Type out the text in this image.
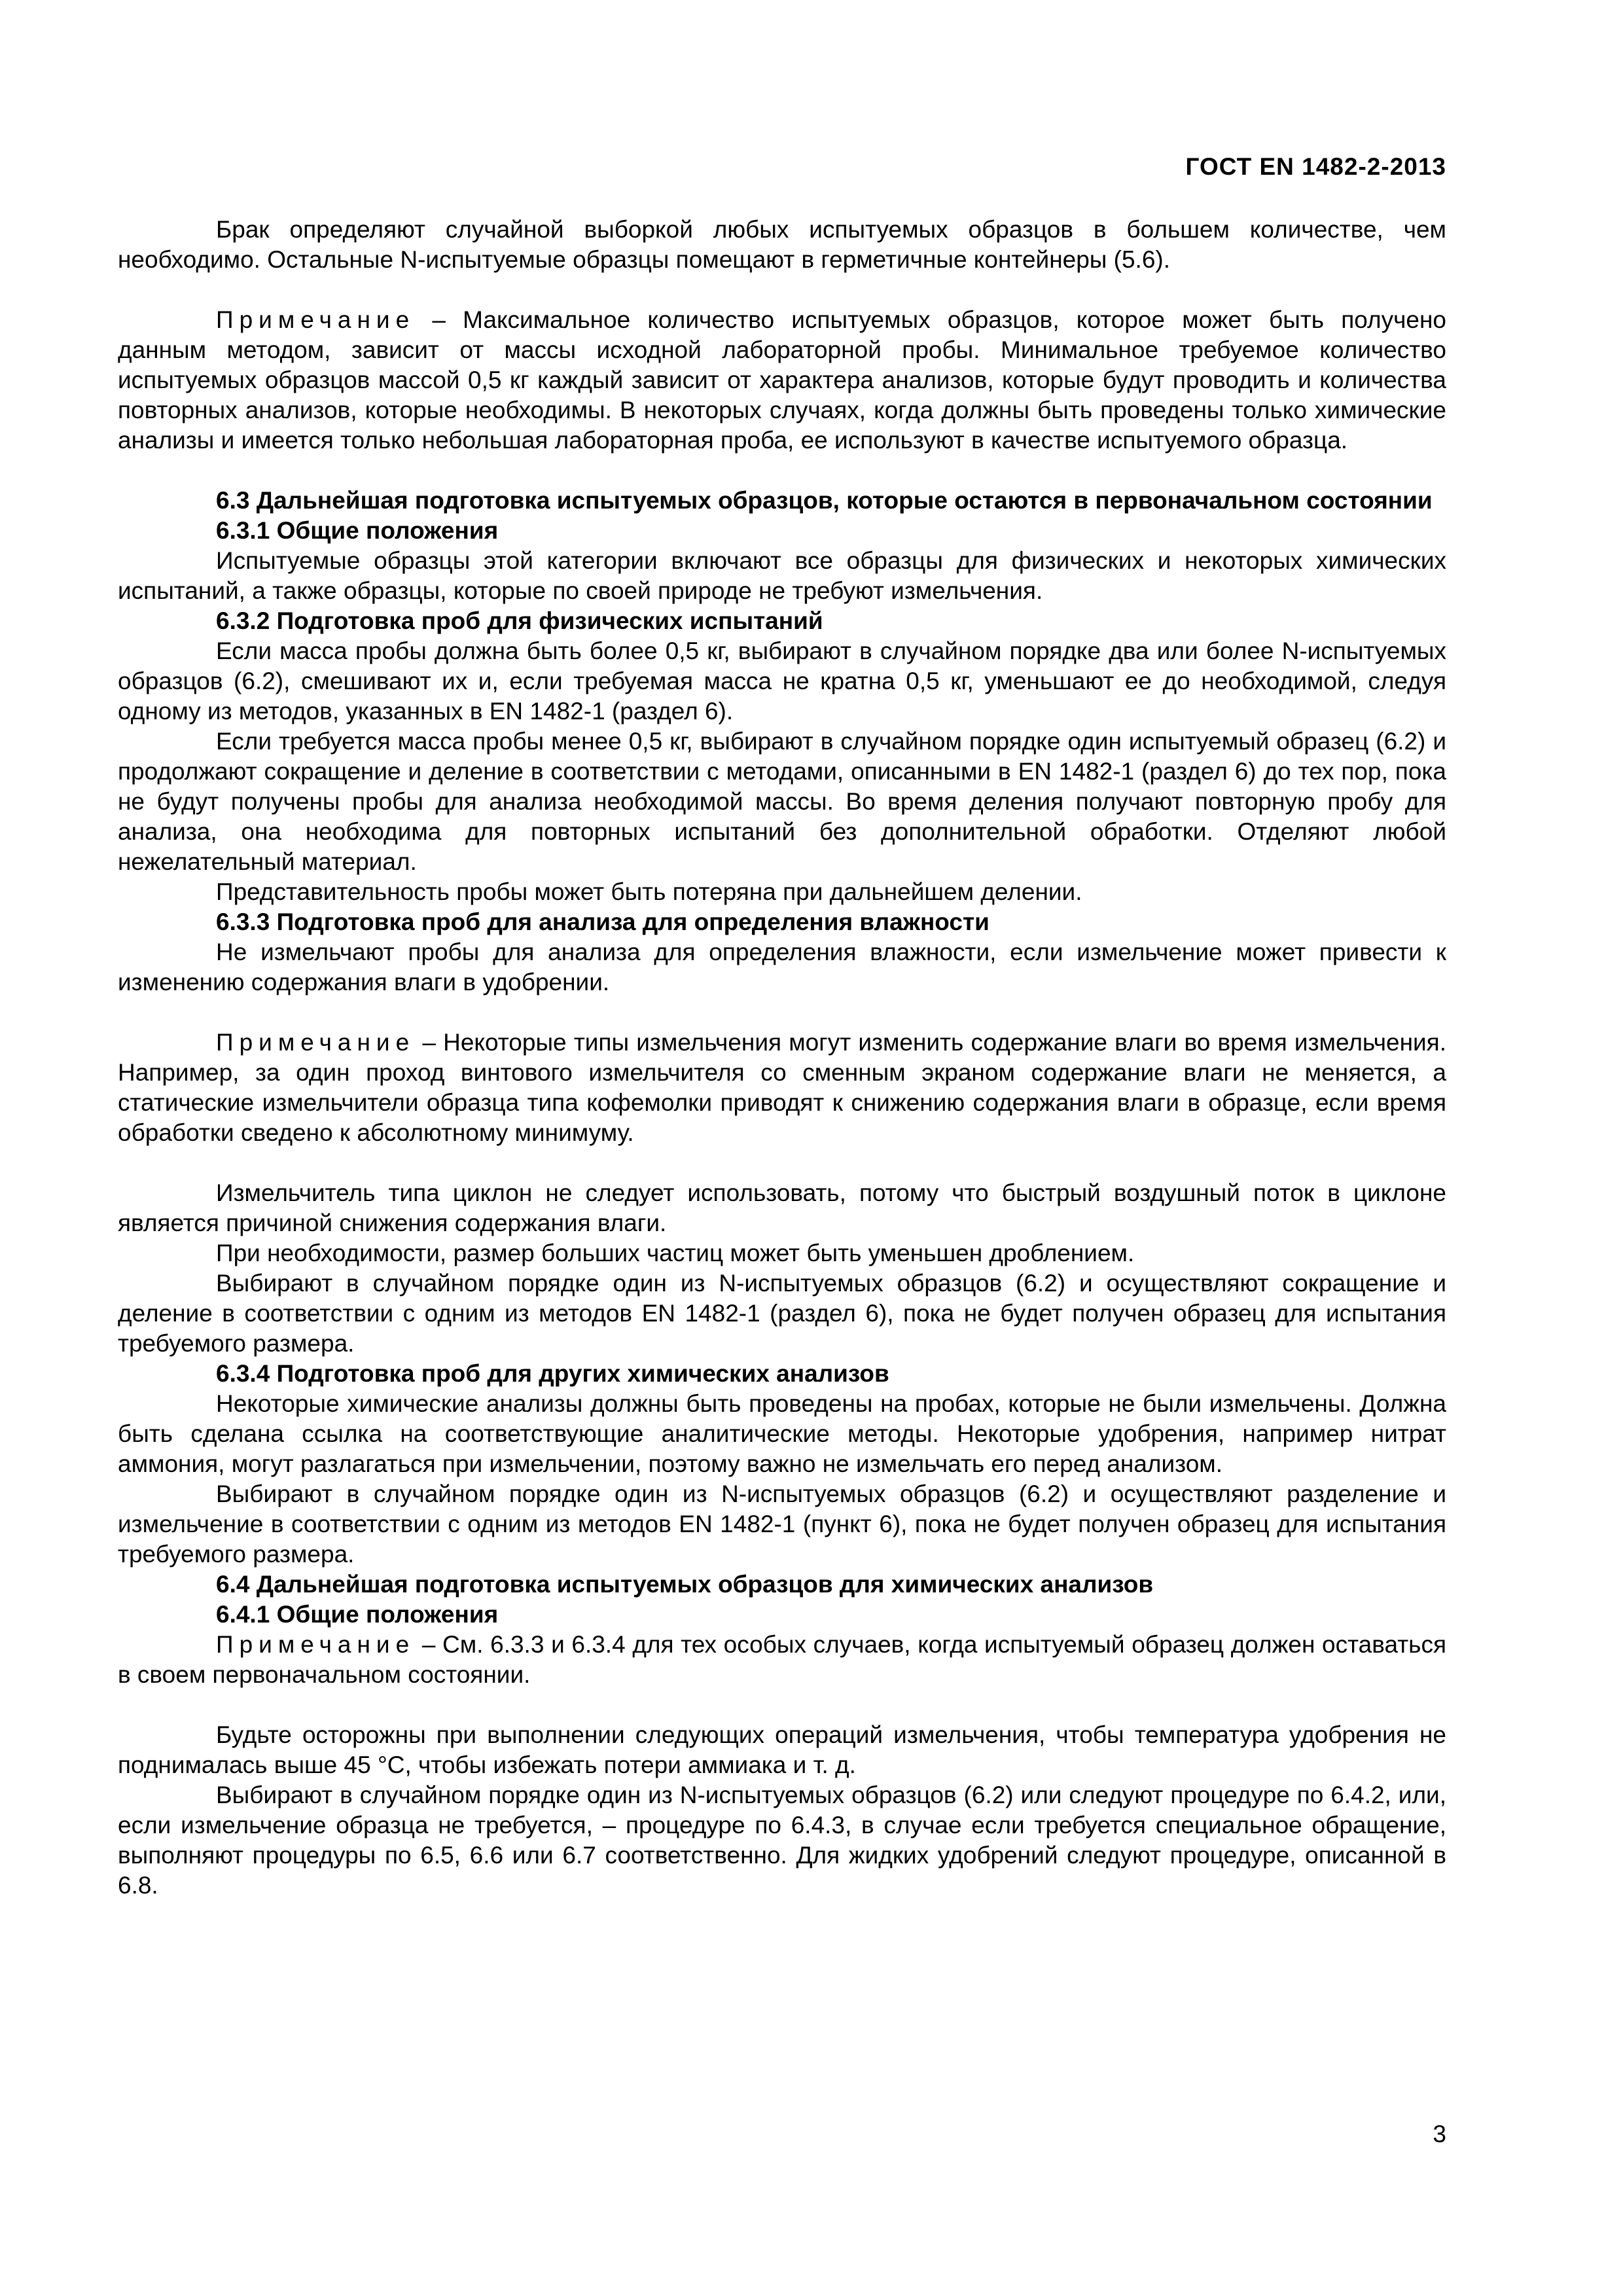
ГОСТ EN 1482-2-2013

Брак определяют случайной выборкой любых испытуемых образцов в большем количестве, чем необходимо. Остальные N-испытуемые образцы помещают в герметичные контейнеры (5.6).

Примечание – Максимальное количество испытуемых образцов, которое может быть получено данным методом, зависит от массы исходной лабораторной пробы. Минимальное требуемое количество испытуемых образцов массой 0,5 кг каждый зависит от характера анализов, которые будут проводить и количества повторных анализов, которые необходимы. В некоторых случаях, когда должны быть проведены только химические анализы и имеется только небольшая лабораторная проба, ее используют в качестве испытуемого образца.

6.3 Дальнейшая подготовка испытуемых образцов, которые остаются в первоначальном состоянии

6.3.1 Общие положения

Испытуемые образцы этой категории включают все образцы для физических и некоторых химических испытаний, а также образцы, которые по своей природе не требуют измельчения.

6.3.2 Подготовка проб для физических испытаний

Если масса пробы должна быть более 0,5 кг, выбирают в случайном порядке два или более N-испытуемых образцов (6.2), смешивают их и, если требуемая масса не кратна 0,5 кг, уменьшают ее до необходимой, следуя одному из методов, указанных в EN 1482-1 (раздел 6).

Если требуется масса пробы менее 0,5 кг, выбирают в случайном порядке один испытуемый образец (6.2) и продолжают сокращение и деление в соответствии с методами, описанными в EN 1482-1 (раздел 6) до тех пор, пока не будут получены пробы для анализа необходимой массы. Во время деления получают повторную пробу для анализа, она необходима для повторных испытаний без дополнительной обработки. Отделяют любой нежелательный материал.

Представительность пробы может быть потеряна при дальнейшем делении.

6.3.3 Подготовка проб для анализа для определения влажности

Не измельчают пробы для анализа для определения влажности, если измельчение может привести к изменению содержания влаги в удобрении.

Примечание – Некоторые типы измельчения могут изменить содержание влаги во время измельчения. Например, за один проход винтового измельчителя со сменным экраном содержание влаги не меняется, а статические измельчители образца типа кофемолки приводят к снижению содержания влаги в образце, если время обработки сведено к абсолютному минимуму.

Измельчитель типа циклон не следует использовать, потому что быстрый воздушный поток в циклоне является причиной снижения содержания влаги.

При необходимости, размер больших частиц может быть уменьшен дроблением.

Выбирают в случайном порядке один из N-испытуемых образцов (6.2) и осуществляют сокращение и деление в соответствии с одним из методов EN 1482-1 (раздел 6), пока не будет получен образец для испытания требуемого размера.

6.3.4 Подготовка проб для других химических анализов

Некоторые химические анализы должны быть проведены на пробах, которые не были измельчены. Должна быть сделана ссылка на соответствующие аналитические методы. Некоторые удобрения, например нитрат аммония, могут разлагаться при измельчении, поэтому важно не измельчать его перед анализом.

Выбирают в случайном порядке один из N-испытуемых образцов (6.2) и осуществляют разделение и измельчение в соответствии с одним из методов EN 1482-1 (пункт 6), пока не будет получен образец для испытания требуемого размера.

6.4 Дальнейшая подготовка испытуемых образцов для химических анализов

6.4.1 Общие положения

Примечание – См. 6.3.3 и 6.3.4 для тех особых случаев, когда испытуемый образец должен оставаться в своем первоначальном состоянии.

Будьте осторожны при выполнении следующих операций измельчения, чтобы температура удобрения не поднималась выше 45 °С, чтобы избежать потери аммиака и т. д.

Выбирают в случайном порядке один из N-испытуемых образцов (6.2) или следуют процедуре по 6.4.2, или, если измельчение образца не требуется, – процедуре по 6.4.3, в случае если требуется специальное обращение, выполняют процедуры по 6.5, 6.6 или 6.7 соответственно. Для жидких удобрений следуют процедуре, описанной в 6.8.

3
